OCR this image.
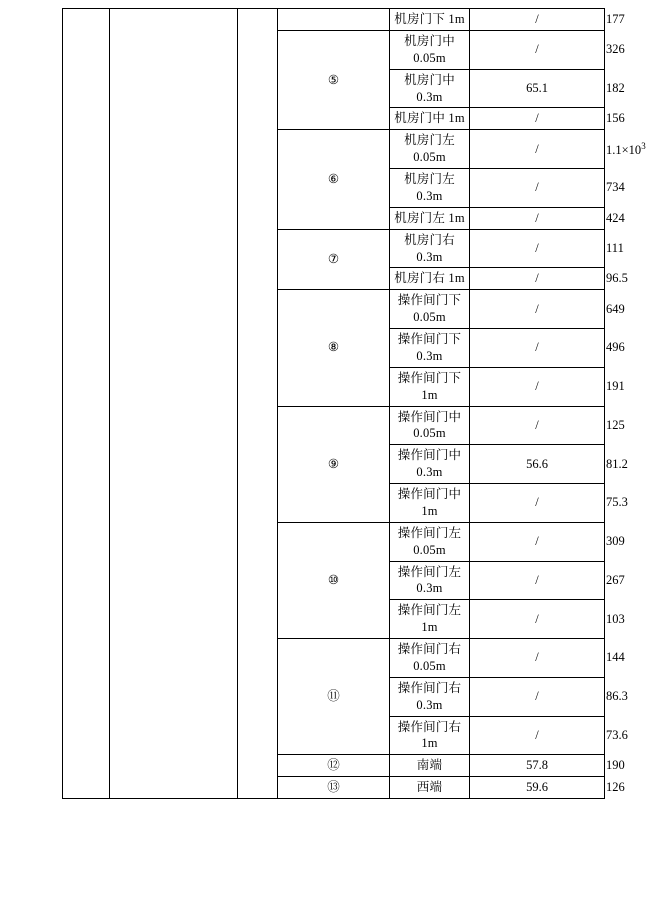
				机房门下 1m	/	177
			⑤	机房门中 0.05m	/	326
				机房门中 0.3m	65.1	182
				机房门中 1m	/	156
			⑥	机房门左 0.05m	/	$1.1\times 10^3$
				机房门左 0.3m	/	734
				机房门左 1m	/	424
			⑦	机房门右 0.3m	/	111
				机房门右 1m	/	96.5
			⑧	操作间门下 0.05m	/	649
				操作间门下 0.3m	/	496
				操作间门下 1m	/	191
			⑨	操作间门中 0.05m	/	125
				操作间门中 0.3m	56.6	81.2
				操作间门中 1m	/	75.3
			⑩	操作间门左 0.05m	/	309
				操作间门左 0.3m	/	267
				操作间门左 1m	/	103
			⑪	操作间门右 0.05m	/	144
				操作间门右 0.3m	/	86.3
				操作间门右 1m	/	73.6
			⑫	南端	57.8	190
			⑬	西端	59.6	126
